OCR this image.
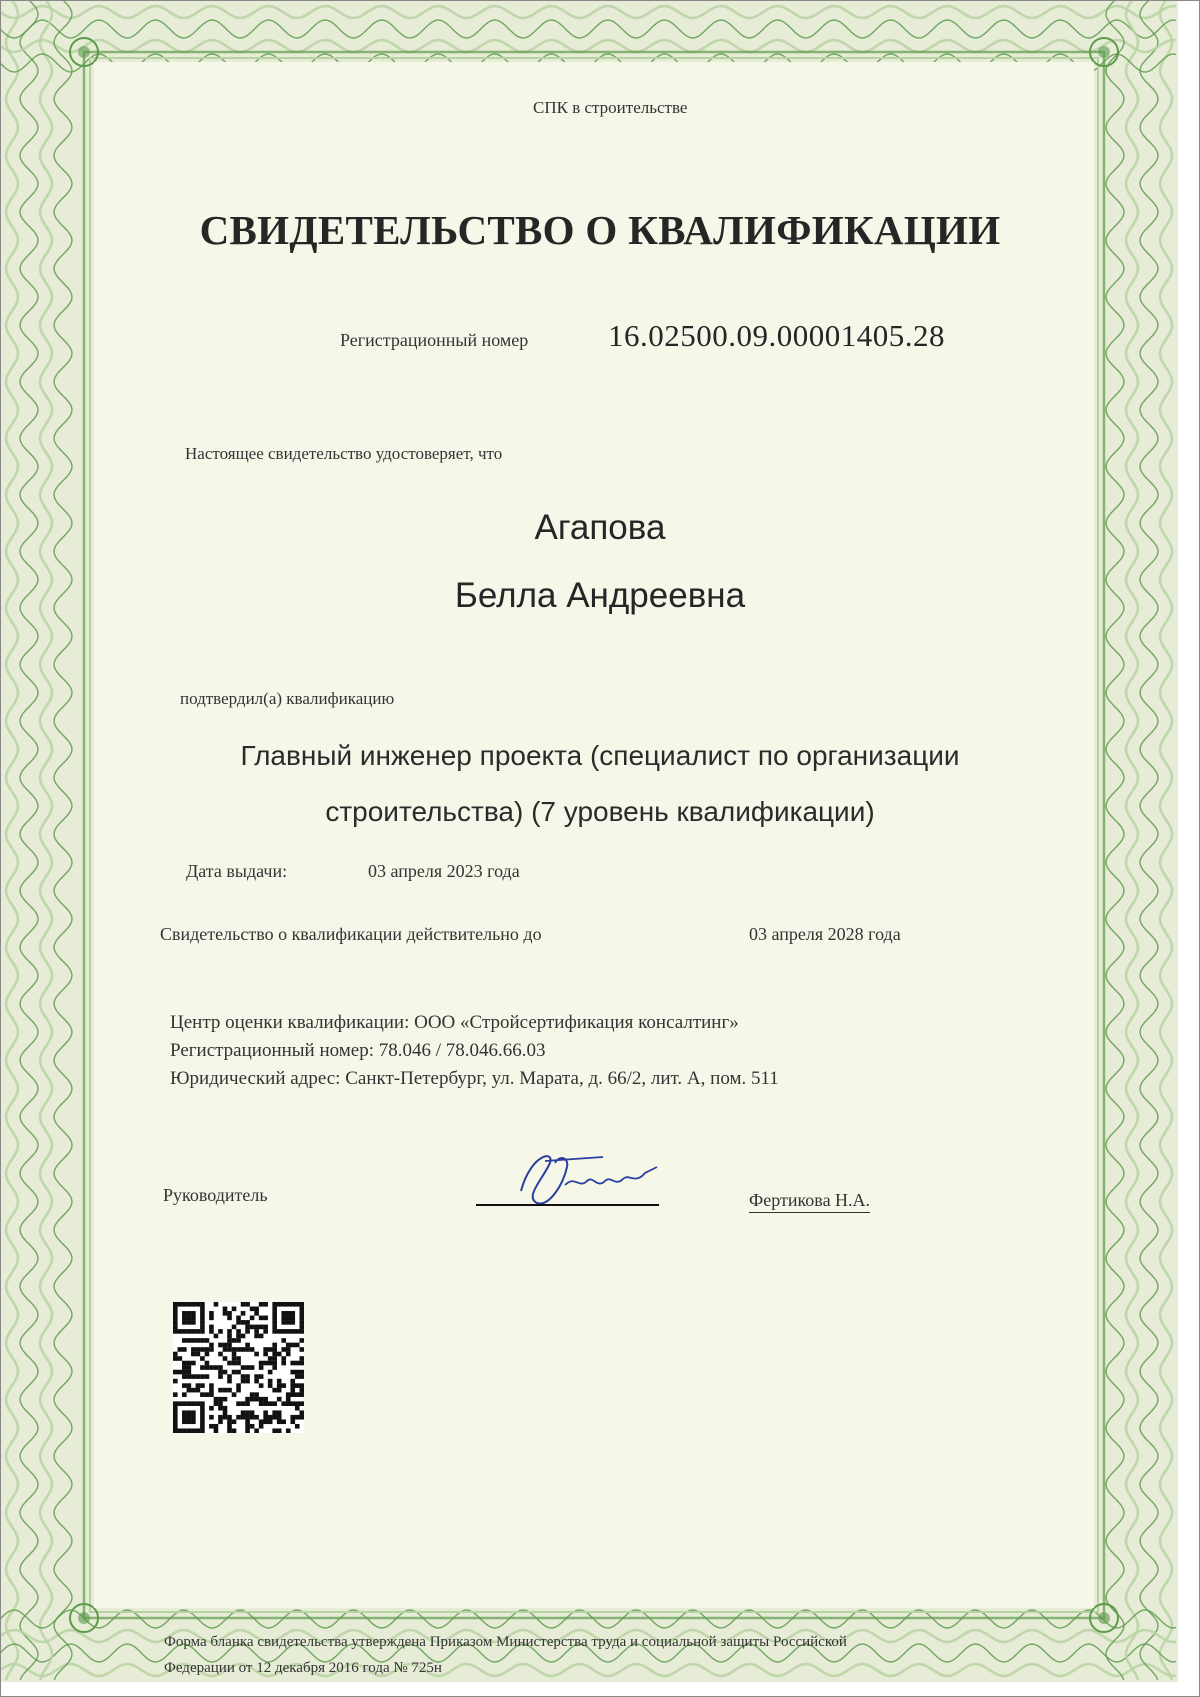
СПК в строительстве

СВИДЕТЕЛЬСТВО О КВАЛИФИКАЦИИ

Регистрационный номер	16.02500.09.00001405.28

Настоящее свидетельство удостоверяет, что

Агапова

Белла Андреевна

подтвердил(а) квалификацию

Главный инженер проекта (специалист по организации

строительства) (7 уровень квалификации)

Дата выдачи:	03 апреля 2023 года

Свидетельство о квалификации действительно до	03 апреля 2028 года

Центр оценки квалификации: ООО «Стройсертификация консалтинг»

Регистрационный номер: 78.046 / 78.046.66.03

Юридический адрес: Санкт-Петербург, ул. Марата, д. 66/2, лит. А, пом. 511

Руководитель	Фертикова Н.А.

Форма бланка свидетельства утверждена Приказом Министерства труда и социальной защиты Российской

Федерации от 12 декабря 2016 года № 725н
